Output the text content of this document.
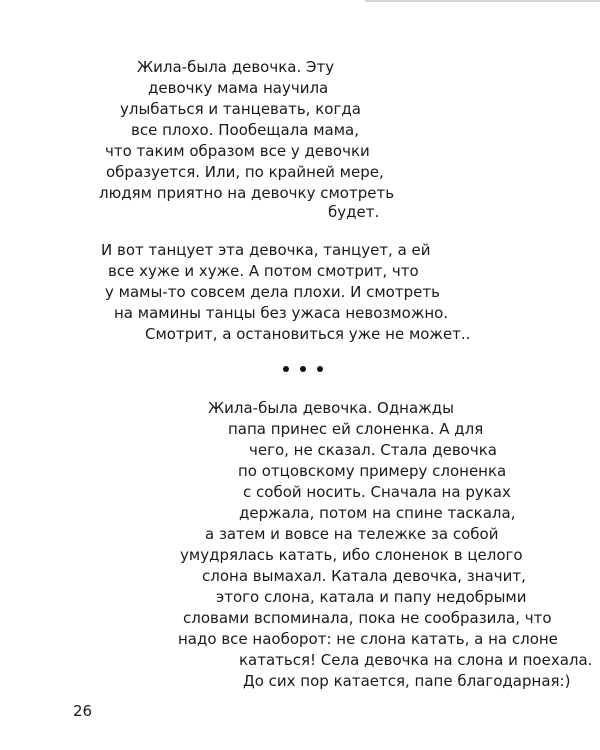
Жила-была девочка. Эту
девочку мама научила
улыбаться и танцевать, когда
все плохо. Пообещала мама,
что таким образом все у девочки
образуется. Или, по крайней мере,
людям приятно на девочку смотреть
будет.
И вот танцует эта девочка, танцует, а ей
все хуже и хуже. А потом смотрит, что
у мамы-то совсем дела плохи. И смотреть
на мамины танцы без ужаса невозможно.
Смотрит, а остановиться уже не может..
Жила-была девочка. Однажды
папа принес ей слоненка. А для
чего, не сказал. Стала девочка
по отцовскому примеру слоненка
с собой носить. Сначала на руках
держала, потом на спине таскала,
а затем и вовсе на тележке за собой
умудрялась катать, ибо слоненок в целого
слона вымахал. Катала девочка, значит,
этого слона, катала и папу недобрыми
словами вспоминала, пока не сообразила, что
надо все наоборот: не слона катать, а на слоне
кататься! Села девочка на слона и поехала.
До сих пор катается, папе благодарная:)
26
